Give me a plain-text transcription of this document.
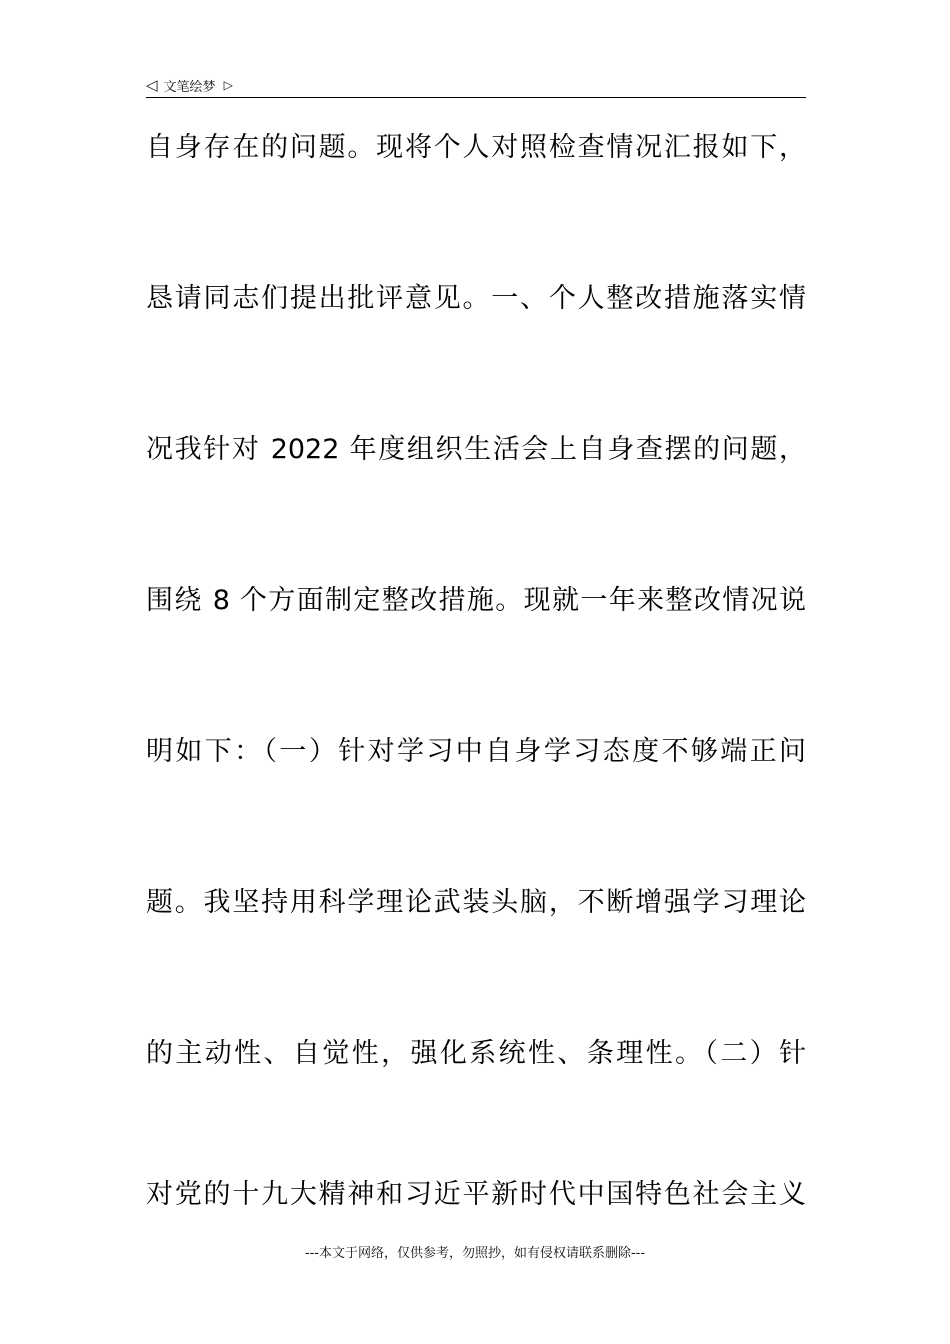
◁ 文笔绘梦 ▷
自身存在的问题。现将个人对照检查情况汇报如下，
恳请同志们提出批评意见。一、个人整改措施落实情
况我针对 2022 年度组织生活会上自身查摆的问题，
围绕 8 个方面制定整改措施。现就一年来整改情况说
明如下：（一）针对学习中自身学习态度不够端正问
题。我坚持用科学理论武装头脑，不断增强学习理论
的主动性、自觉性，强化系统性、条理性。（二）针
对党的十九大精神和习近平新时代中国特色社会主义
---本文于网络，仅供参考，勿照抄，如有侵权请联系删除---
